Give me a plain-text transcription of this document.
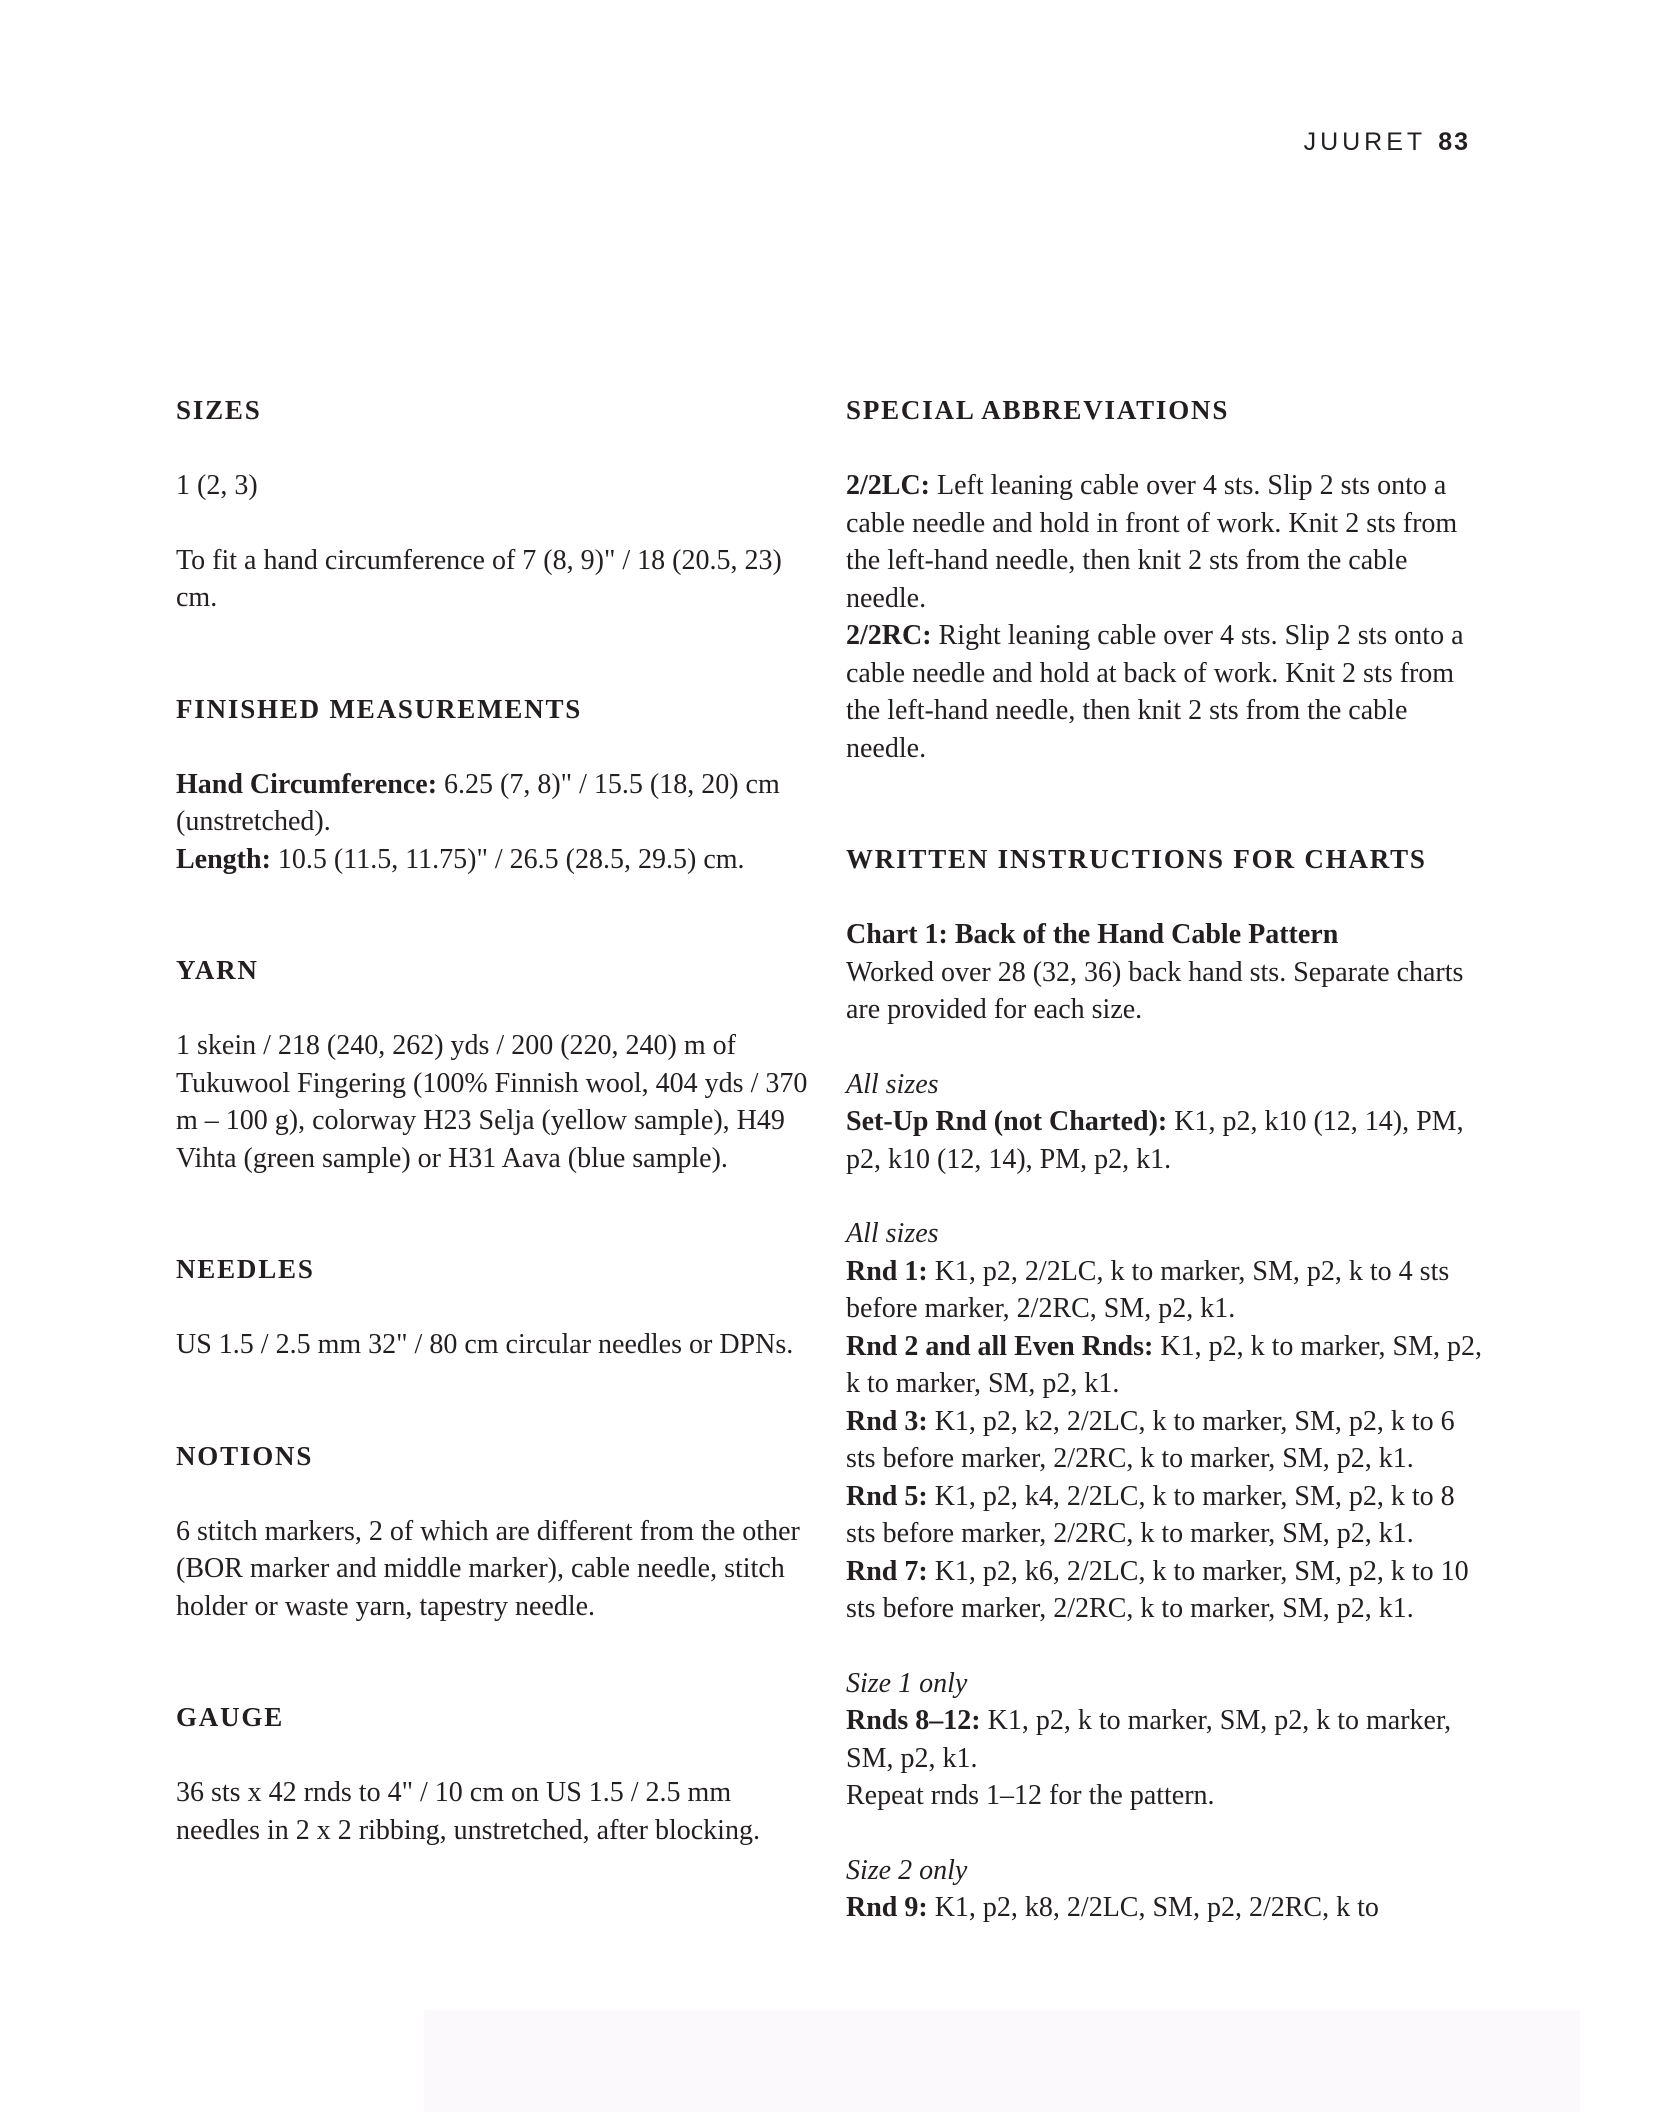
JUURET 83
SIZES

1 (2, 3)

To fit a hand circumference of 7 (8, 9)" / 18 (20.5, 23) cm.

FINISHED MEASUREMENTS

Hand Circumference: 6.25 (7, 8)" / 15.5 (18, 20) cm (unstretched).

Length: 10.5 (11.5, 11.75)" / 26.5 (28.5, 29.5) cm.

YARN

1 skein / 218 (240, 262) yds / 200 (220, 240) m of Tukuwool Fingering (100% Finnish wool, 404 yds / 370 m – 100 g), colorway H23 Selja (yellow sample), H49 Vihta (green sample) or H31 Aava (blue sample).

NEEDLES

US 1.5 / 2.5 mm 32" / 80 cm circular needles or DPNs.

NOTIONS

6 stitch markers, 2 of which are different from the other (BOR marker and middle marker), cable needle, stitch holder or waste yarn, tapestry needle.

GAUGE

36 sts x 42 rnds to 4" / 10 cm on US 1.5 / 2.5 mm needles in 2 x 2 ribbing, unstretched, after blocking.

SPECIAL ABBREVIATIONS

2/2LC: Left leaning cable over 4 sts. Slip 2 sts onto a cable needle and hold in front of work. Knit 2 sts from the left-hand needle, then knit 2 sts from the cable needle.

2/2RC: Right leaning cable over 4 sts. Slip 2 sts onto a cable needle and hold at back of work. Knit 2 sts from the left-hand needle, then knit 2 sts from the cable needle.

WRITTEN INSTRUCTIONS FOR CHARTS

Chart 1: Back of the Hand Cable Pattern

Worked over 28 (32, 36) back hand sts. Separate charts are provided for each size.

All sizes

Set-Up Rnd (not Charted): K1, p2, k10 (12, 14), PM, p2, k10 (12, 14), PM, p2, k1.

All sizes

Rnd 1: K1, p2, 2/2LC, k to marker, SM, p2, k to 4 sts before marker, 2/2RC, SM, p2, k1.

Rnd 2 and all Even Rnds: K1, p2, k to marker, SM, p2, k to marker, SM, p2, k1.

Rnd 3: K1, p2, k2, 2/2LC, k to marker, SM, p2, k to 6 sts before marker, 2/2RC, k to marker, SM, p2, k1.

Rnd 5: K1, p2, k4, 2/2LC, k to marker, SM, p2, k to 8 sts before marker, 2/2RC, k to marker, SM, p2, k1.

Rnd 7: K1, p2, k6, 2/2LC, k to marker, SM, p2, k to 10 sts before marker, 2/2RC, k to marker, SM, p2, k1.

Size 1 only

Rnds 8–12: K1, p2, k to marker, SM, p2, k to marker, SM, p2, k1.

Repeat rnds 1–12 for the pattern.

Size 2 only

Rnd 9: K1, p2, k8, 2/2LC, SM, p2, 2/2RC, k to
